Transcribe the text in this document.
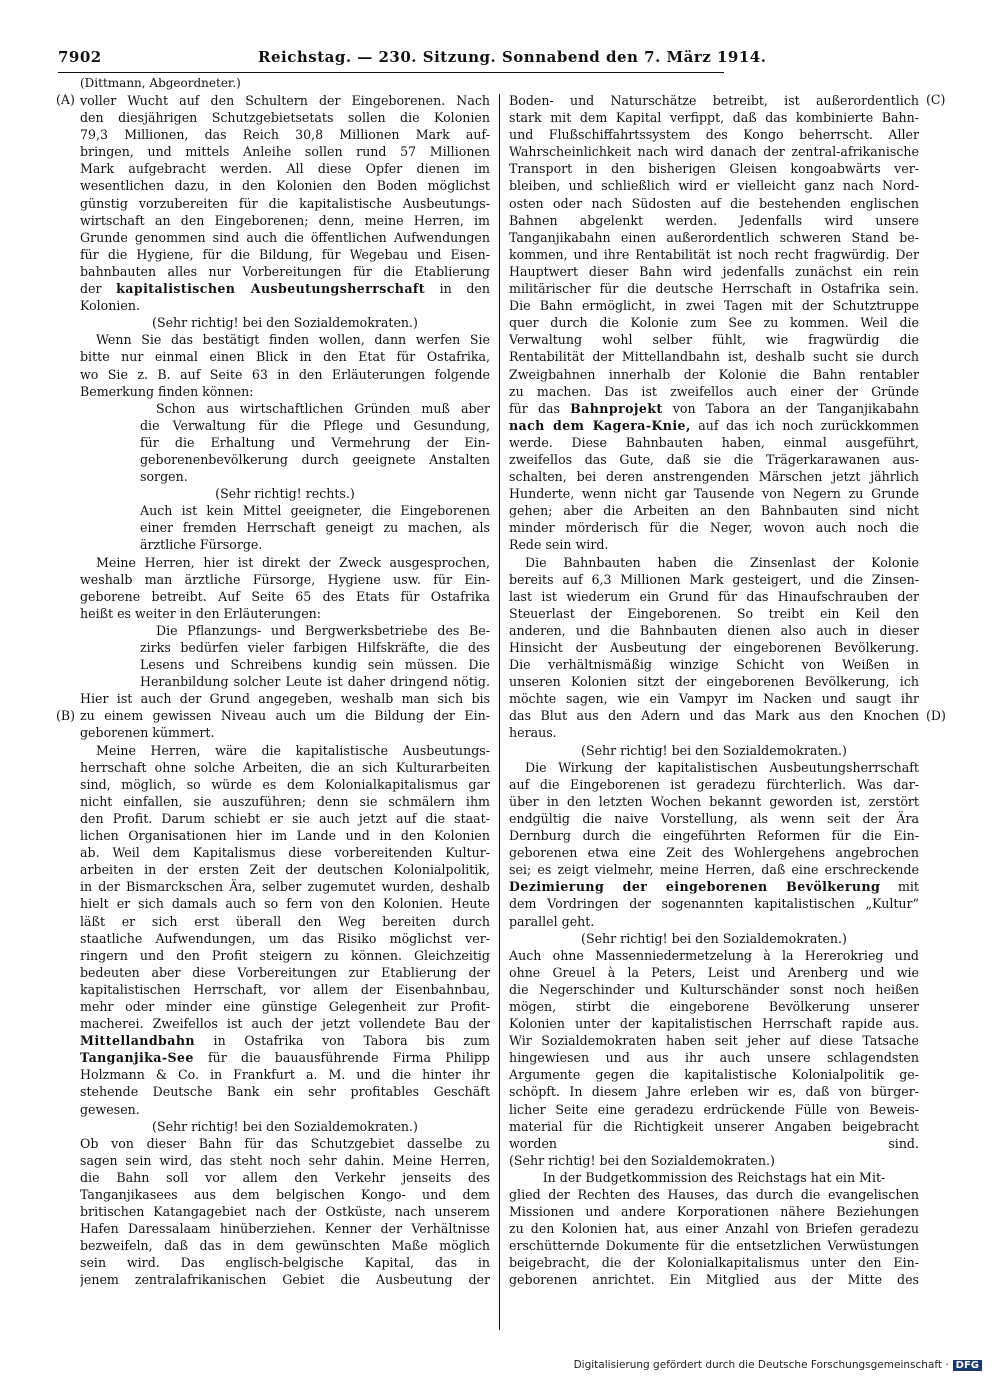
7902	Reichstag. — 230. Sitzung. Sonnabend den 7. März 1914.
(Dittmann, Abgeordneter.)
(A)
(B)
(C)
(D)
voller Wucht auf den Schultern der Eingeborenen. Nach
den diesjährigen Schutzgebietsetats sollen die Kolonien
79,3 Millionen, das Reich 30,8 Millionen Mark auf-
bringen, und mittels Anleihe sollen rund 57 Millionen
Mark aufgebracht werden. All diese Opfer dienen im
wesentlichen dazu, in den Kolonien den Boden möglichst
günstig vorzubereiten für die kapitalistische Ausbeutungs-
wirtschaft an den Eingeborenen; denn, meine Herren, im
Grunde genommen sind auch die öffentlichen Aufwendungen
für die Hygiene, für die Bildung, für Wegebau und Eisen-
bahnbauten alles nur Vorbereitungen für die Etablierung
der kapitalistischen Ausbeutungsherrschaft in den
Kolonien.
(Sehr richtig! bei den Sozialdemokraten.)
Wenn Sie das bestätigt finden wollen, dann werfen Sie
bitte nur einmal einen Blick in den Etat für Ostafrika,
wo Sie z. B. auf Seite 63 in den Erläuterungen folgende
Bemerkung finden können:
Schon aus wirtschaftlichen Gründen muß aber
die Verwaltung für die Pflege und Gesundung,
für die Erhaltung und Vermehrung der Ein-
geborenenbevölkerung durch geeignete Anstalten
sorgen.
(Sehr richtig! rechts.)
Auch ist kein Mittel geeigneter, die Eingeborenen
einer fremden Herrschaft geneigt zu machen, als
ärztliche Fürsorge.
Meine Herren, hier ist direkt der Zweck ausgesprochen,
weshalb man ärztliche Fürsorge, Hygiene usw. für Ein-
geborene betreibt. Auf Seite 65 des Etats für Ostafrika
heißt es weiter in den Erläuterungen:
Die Pflanzungs- und Bergwerksbetriebe des Be-
zirks bedürfen vieler farbigen Hilfskräfte, die des
Lesens und Schreibens kundig sein müssen. Die
Heranbildung solcher Leute ist daher dringend nötig.
Hier ist auch der Grund angegeben, weshalb man sich bis
zu einem gewissen Niveau auch um die Bildung der Ein-
geborenen kümmert.
Meine Herren, wäre die kapitalistische Ausbeutungs-
herrschaft ohne solche Arbeiten, die an sich Kulturarbeiten
sind, möglich, so würde es dem Kolonialkapitalismus gar
nicht einfallen, sie auszuführen; denn sie schmälern ihm
den Profit. Darum schiebt er sie auch jetzt auf die staat-
lichen Organisationen hier im Lande und in den Kolonien
ab. Weil dem Kapitalismus diese vorbereitenden Kultur-
arbeiten in der ersten Zeit der deutschen Kolonialpolitik,
in der Bismarckschen Ära, selber zugemutet wurden, deshalb
hielt er sich damals auch so fern von den Kolonien. Heute
läßt er sich erst überall den Weg bereiten durch
staatliche Aufwendungen, um das Risiko möglichst ver-
ringern und den Profit steigern zu können. Gleichzeitig
bedeuten aber diese Vorbereitungen zur Etablierung der
kapitalistischen Herrschaft, vor allem der Eisenbahnbau,
mehr oder minder eine günstige Gelegenheit zur Profit-
macherei. Zweifellos ist auch der jetzt vollendete Bau der
Mittellandbahn in Ostafrika von Tabora bis zum
Tanganjika-See für die bauausführende Firma Philipp
Holzmann & Co. in Frankfurt a. M. und die hinter ihr
stehende Deutsche Bank ein sehr profitables Geschäft
gewesen.
(Sehr richtig! bei den Sozialdemokraten.)
Ob von dieser Bahn für das Schutzgebiet dasselbe zu
sagen sein wird, das steht noch sehr dahin. Meine Herren,
die Bahn soll vor allem den Verkehr jenseits des
Tanganjikasees aus dem belgischen Kongo- und dem
britischen Katangagebiet nach der Ostküste, nach unserem
Hafen Daressalaam hinüberziehen. Kenner der Verhältnisse
bezweifeln, daß das in dem gewünschten Maße möglich
sein wird. Das englisch-belgische Kapital, das in
jenem zentralafrikanischen Gebiet die Ausbeutung der
Boden- und Naturschätze betreibt, ist außerordentlich
stark mit dem Kapital verfippt, daß das kombinierte Bahn-
und Flußschiffahrtssystem des Kongo beherrscht. Aller
Wahrscheinlichkeit nach wird danach der zentral-afrikanische
Transport in den bisherigen Gleisen kongoabwärts ver-
bleiben, und schließlich wird er vielleicht ganz nach Nord-
osten oder nach Südosten auf die bestehenden englischen
Bahnen abgelenkt werden. Jedenfalls wird unsere
Tanganjikabahn einen außerordentlich schweren Stand be-
kommen, und ihre Rentabilität ist noch recht fragwürdig. Der
Hauptwert dieser Bahn wird jedenfalls zunächst ein rein
militärischer für die deutsche Herrschaft in Ostafrika sein.
Die Bahn ermöglicht, in zwei Tagen mit der Schutztruppe
quer durch die Kolonie zum See zu kommen. Weil die
Verwaltung wohl selber fühlt, wie fragwürdig die
Rentabilität der Mittellandbahn ist, deshalb sucht sie durch
Zweigbahnen innerhalb der Kolonie die Bahn rentabler
zu machen. Das ist zweifellos auch einer der Gründe
für das Bahnprojekt von Tabora an der Tanganjikabahn
nach dem Kagera-Knie, auf das ich noch zurückkommen
werde. Diese Bahnbauten haben, einmal ausgeführt,
zweifellos das Gute, daß sie die Trägerkarawanen aus-
schalten, bei deren anstrengenden Märschen jetzt jährlich
Hunderte, wenn nicht gar Tausende von Negern zu Grunde
gehen; aber die Arbeiten an den Bahnbauten sind nicht
minder mörderisch für die Neger, wovon auch noch die
Rede sein wird.
Die Bahnbauten haben die Zinsenlast der Kolonie
bereits auf 6,3 Millionen Mark gesteigert, und die Zinsen-
last ist wiederum ein Grund für das Hinaufschrauben der
Steuerlast der Eingeborenen. So treibt ein Keil den
anderen, und die Bahnbauten dienen also auch in dieser
Hinsicht der Ausbeutung der eingeborenen Bevölkerung.
Die verhältnismäßig winzige Schicht von Weißen in
unseren Kolonien sitzt der eingeborenen Bevölkerung, ich
möchte sagen, wie ein Vampyr im Nacken und saugt ihr
das Blut aus den Adern und das Mark aus den Knochen
heraus.
(Sehr richtig! bei den Sozialdemokraten.)
Die Wirkung der kapitalistischen Ausbeutungsherrschaft
auf die Eingeborenen ist geradezu fürchterlich. Was dar-
über in den letzten Wochen bekannt geworden ist, zerstört
endgültig die naive Vorstellung, als wenn seit der Ära
Dernburg durch die eingeführten Reformen für die Ein-
geborenen etwa eine Zeit des Wohlergehens angebrochen
sei; es zeigt vielmehr, meine Herren, daß eine erschreckende
Dezimierung der eingeborenen Bevölkerung mit
dem Vordringen der sogenannten kapitalistischen „Kultur“
parallel geht.
(Sehr richtig! bei den Sozialdemokraten.)
Auch ohne Massenniedermetzelung à la Hererokrieg und
ohne Greuel à la Peters, Leist und Arenberg und wie
die Negerschinder und Kulturschänder sonst noch heißen
mögen, stirbt die eingeborene Bevölkerung unserer
Kolonien unter der kapitalistischen Herrschaft rapide aus.
Wir Sozialdemokraten haben seit jeher auf diese Tatsache
hingewiesen und aus ihr auch unsere schlagendsten
Argumente gegen die kapitalistische Kolonialpolitik ge-
schöpft. In diesem Jahre erleben wir es, daß von bürger-
licher Seite eine geradezu erdrückende Fülle von Beweis-
material für die Richtigkeit unserer Angaben beigebracht
worden sind.
(Sehr richtig! bei den Sozialdemokraten.)
In der Budgetkommission des Reichstags hat ein Mit-
glied der Rechten des Hauses, das durch die evangelischen
Missionen und andere Korporationen nähere Beziehungen
zu den Kolonien hat, aus einer Anzahl von Briefen geradezu
erschütternde Dokumente für die entsetzlichen Verwüstungen
beigebracht, die der Kolonialkapitalismus unter den Ein-
geborenen anrichtet. Ein Mitglied aus der Mitte des
Digitalisierung gefördert durch die Deutsche Forschungsgemeinschaft · DFG
